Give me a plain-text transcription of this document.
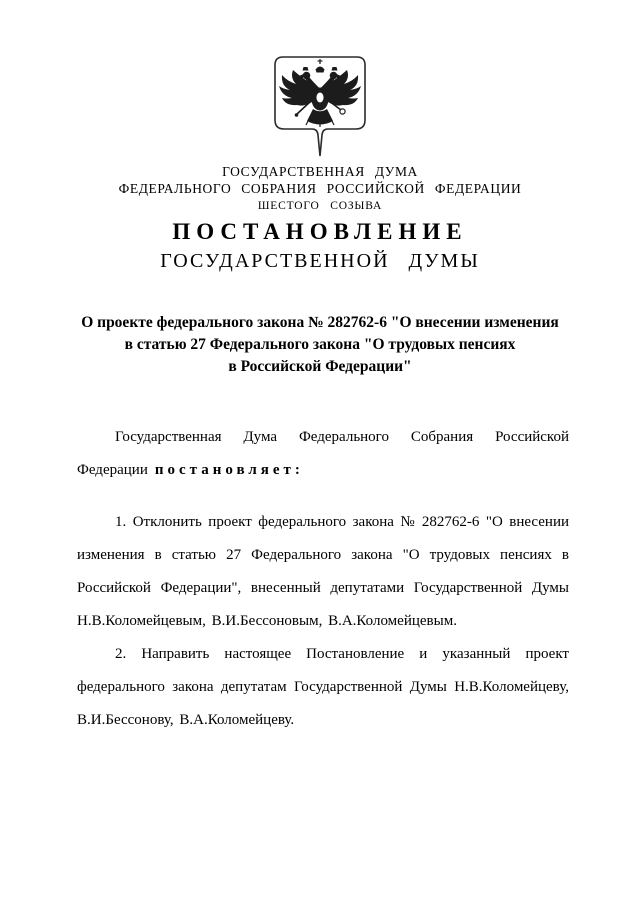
ГОСУДАРСТВЕННАЯ ДУМА
ФЕДЕРАЛЬНОГО СОБРАНИЯ РОССИЙСКОЙ ФЕДЕРАЦИИ
ШЕСТОГО СОЗЫВА
ПОСТАНОВЛЕНИЕ
ГОСУДАРСТВЕННОЙ ДУМЫ
О проекте федерального закона № 282762-6 "О внесении изменения
в статью 27 Федерального закона "О трудовых пенсиях
в Российской Федерации"

Государственная Дума Федерального Собрания Российской Федерации постановляет:

1. Отклонить проект федерального закона № 282762-6 "О внесении изменения в статью 27 Федерального закона "О трудовых пенсиях в Российской Федерации", внесенный депутатами Государственной Думы Н.В.Коломейцевым, В.И.Бессоновым, В.А.Коломейцевым.

2. Направить настоящее Постановление и указанный проект федерального закона депутатам Государственной Думы Н.В.Коломейцеву, В.И.Бессонову, В.А.Коломейцеву.
